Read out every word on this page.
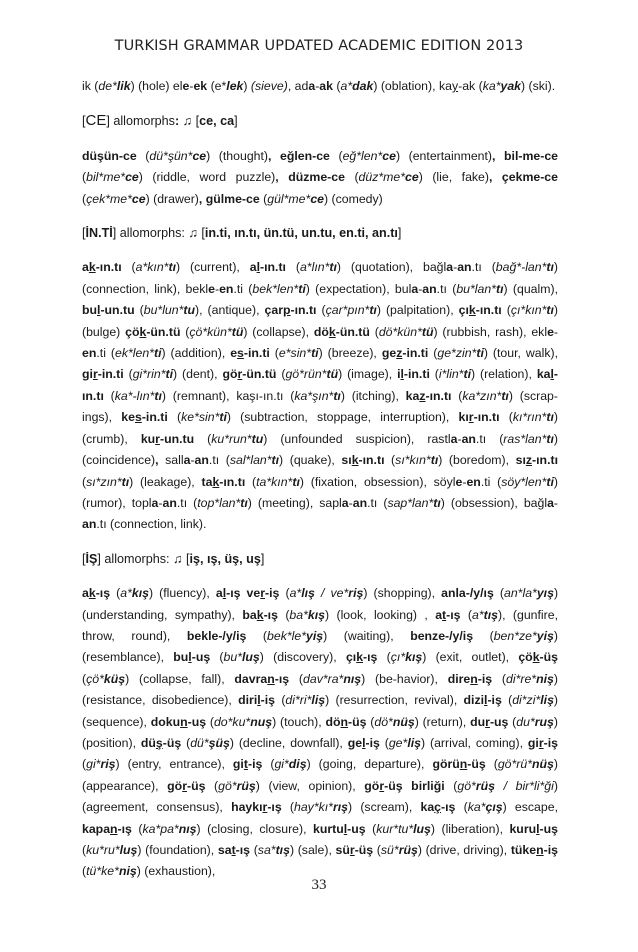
TURKISH GRAMMAR UPDATED ACADEMIC EDITION 2013

ik (de*lik) (hole) ele-ek (e*lek) (sieve), ada-ak (a*dak) (oblation), kay-ak (ka*yak) (ski).

[CE] allomorphs: ♫ [ce, ca]

düşün-ce (dü*şün*ce) (thought), eğlen-ce (eğ*len*ce) (entertainment), bil-me-ce (bil*me*ce) (riddle, word puzzle), düzme-ce (düz*me*ce) (lie, fake), çekme-ce (çek*me*ce) (drawer), gülme-ce (gül*me*ce) (comedy)

[İN.Tİ] allomorphs: ♫ [in.ti, ın.tı, ün.tü, un.tu, en.ti, an.tı]

ak-ın.tı (a*kın*tı) (current), al-ın.tı (a*lın*tı) (quotation), bağla-an.tı (bağ*-lan*tı) (connection, link), bekle-en.ti (bek*len*ti) (expectation), bula-an.tı (bu*lan*tı) (qualm), bul-un.tu (bu*lun*tu), (antique), çarp-ın.tı (çar*pın*tı) (palpitation), çık-ın.tı (çı*kın*tı) (bulge) çök-ün.tü (çö*kün*tü) (collapse), dök-ün.tü (dö*kün*tü) (rubbish, rash), ekle-en.ti (ek*len*ti) (addition), es-in.ti (e*sin*ti) (breeze), gez-in.ti (ge*zin*ti) (tour, walk), gir-in.ti (gi*rin*ti) (dent), gör-ün.tü (gö*rün*tü) (image), il-in.ti (i*lin*ti) (relation), kal-ın.tı (ka*-lın*tı) (remnant), kaşı-ın.tı (ka*şın*tı) (itching), kaz-ın.tı (ka*zın*tı) (scrap-ings), kes-in.ti (ke*sin*ti) (subtraction, stoppage, interruption), kır-ın.tı (kı*rın*tı) (crumb), kur-un.tu (ku*run*tu) (unfounded suspicion), rastla-an.tı (ras*lan*tı) (coincidence), salla-an.tı (sal*lan*tı) (quake), sık-ın.tı (sı*kın*tı) (boredom), sız-ın.tı (sı*zın*tı) (leakage), tak-ın.tı (ta*kın*tı) (fixation, obsession), söyle-en.ti (söy*len*ti) (rumor), topla-an.tı (top*lan*tı) (meeting), sapla-an.tı (sap*lan*tı) (obsession), bağla-an.tı (connection, link).

[İŞ] allomorphs: ♫ [iş, ış, üş, uş]

ak-ış (a*kış) (fluency), al-ış ver-iş (a*lış / ve*riş) (shopping), anla-/y/ış (an*la*yış) (understanding, sympathy), bak-ış (ba*kış) (look, looking) , at-ış (a*tış), (gunfire, throw, round), bekle-/y/iş (bek*le*yiş) (waiting), benze-/y/iş (ben*ze*yiş) (resemblance), bul-uş (bu*luş) (discovery), çık-ış (çı*kış) (exit, outlet), çök-üş (çö*küş) (collapse, fall), davran-ış (dav*ra*nış) (be-havior), diren-iş (di*re*niş) (resistance, disobedience), diril-iş (di*ri*liş) (resurrection, revival), dizil-iş (di*zi*liş) (sequence), dokun-uş (do*ku*nuş) (touch), dön-üş (dö*nüş) (return), dur-uş (du*ruş) (position), düş-üş (dü*şüş) (decline, downfall), gel-iş (ge*liş) (arrival, coming), gir-iş (gi*riş) (entry, entrance), git-iş (gi*diş) (going, departure), görün-üş (gö*rü*nüş) (appearance), gör-üş (gö*rüş) (view, opinion), gör-üş birliği (gö*rüş / bir*li*ği) (agreement, consensus), haykır-ış (hay*kı*rış) (scream), kaç-ış (ka*çış) escape, kapan-ış (ka*pa*nış) (closing, closure), kurtul-uş (kur*tu*luş) (liberation), kurul-uş (ku*ru*luş) (foundation), sat-ış (sa*tış) (sale), sür-üş (sü*rüş) (drive, driving), tüken-iş (tü*ke*niş) (exhaustion),

33
